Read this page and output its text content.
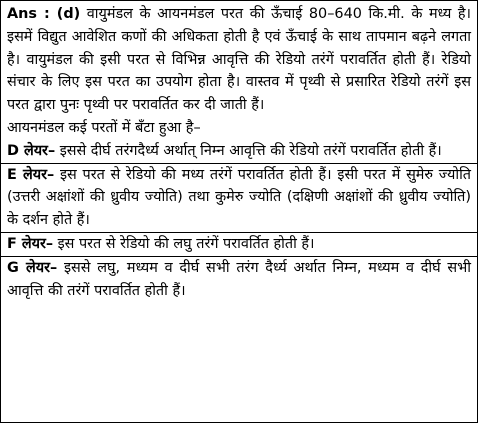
Ans : (d) वायुमंडल के आयनमंडल परत की ऊँचाई 80–640 कि.मी. के मध्य है। इसमें विद्युत आवेशित कणों की अधिकता होती है एवं ऊँचाई के साथ तापमान बढ़ने लगता है। वायुमंडल की इसी परत से विभिन्न आवृत्ति की रेडियो तरंगें परावर्तित होती हैं। रेडियो संचार के लिए इस परत का उपयोग होता है। वास्तव में पृथ्वी से प्रसारित रेडियो तरंगें इस परत द्वारा पुनः पृथ्वी पर परावर्तित कर दी जाती हैं।

आयनमंडल कई परतों में बँटा हुआ है–

D लेयर– इससे दीर्घ तरंगदैर्ध्य अर्थात् निम्न आवृत्ति की रेडियो तरंगें परावर्तित होती हैं।

E लेयर– इस परत से रेडियो की मध्य तरंगें परावर्तित होती हैं। इसी परत में सुमेरु ज्योति (उत्तरी अक्षांशों की ध्रुवीय ज्योति) तथा कुमेरु ज्योति (दक्षिणी अक्षांशों की ध्रुवीय ज्योति) के दर्शन होते हैं।

F लेयर– इस परत से रेडियो की लघु तरंगें परावर्तित होती हैं।

G लेयर– इससे लघु, मध्यम व दीर्घ सभी तरंग दैर्ध्य अर्थात निम्न, मध्यम व दीर्घ सभी आवृत्ति की तरंगें परावर्तित होती हैं।
